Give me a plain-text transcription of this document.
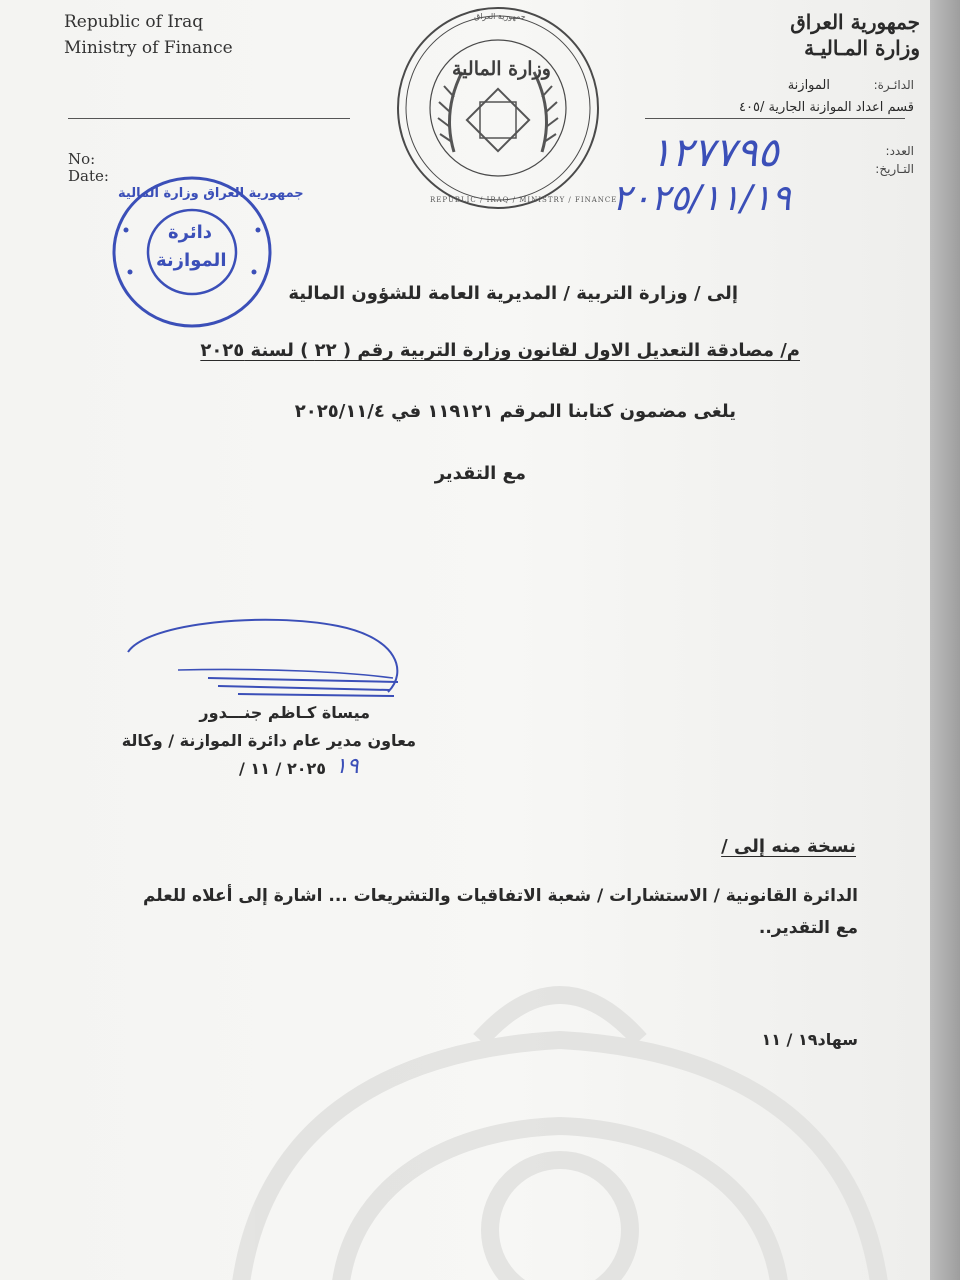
Republic of Iraq
Ministry of Finance
No:
Date:
وزارة المالية
جمهورية العراق
REPUBLIC / IRAQ / MINISTRY / FINANCE
جمهورية العراق
وزارة المـاليـة
الدائـرة:
الموازنة
قسم اعداد الموازنة الجارية /٤٠٥
العدد:
التـاريخ:
١٢٧٧٩٥
٢٠٢٥/١١/١٩
جمهورية العراق وزارة المالية
دائرة
الموازنة
إلى / وزارة التربية / المديرية العامة للشؤون المالية
م/ مصادقة التعديل الاول لقانون وزارة التربية رقم ( ٢٢ ) لسنة ٢٠٢٥
يلغى مضمون كتابنا المرقم ١١٩١٢١ في ٢٠٢٥/١١/٤
مع التقدير
ميساة كـاظم جنـــدور
معاون مدير عام دائرة الموازنة / وكالة
٢٠٢٥ / ١١ / ١٩
نسخة منه إلى /
الدائرة القانونية / الاستشارات / شعبة الاتفاقيات والتشريعات ... اشارة إلى أعلاه للعلم
مع التقدير..
سهاد١٩ / ١١
